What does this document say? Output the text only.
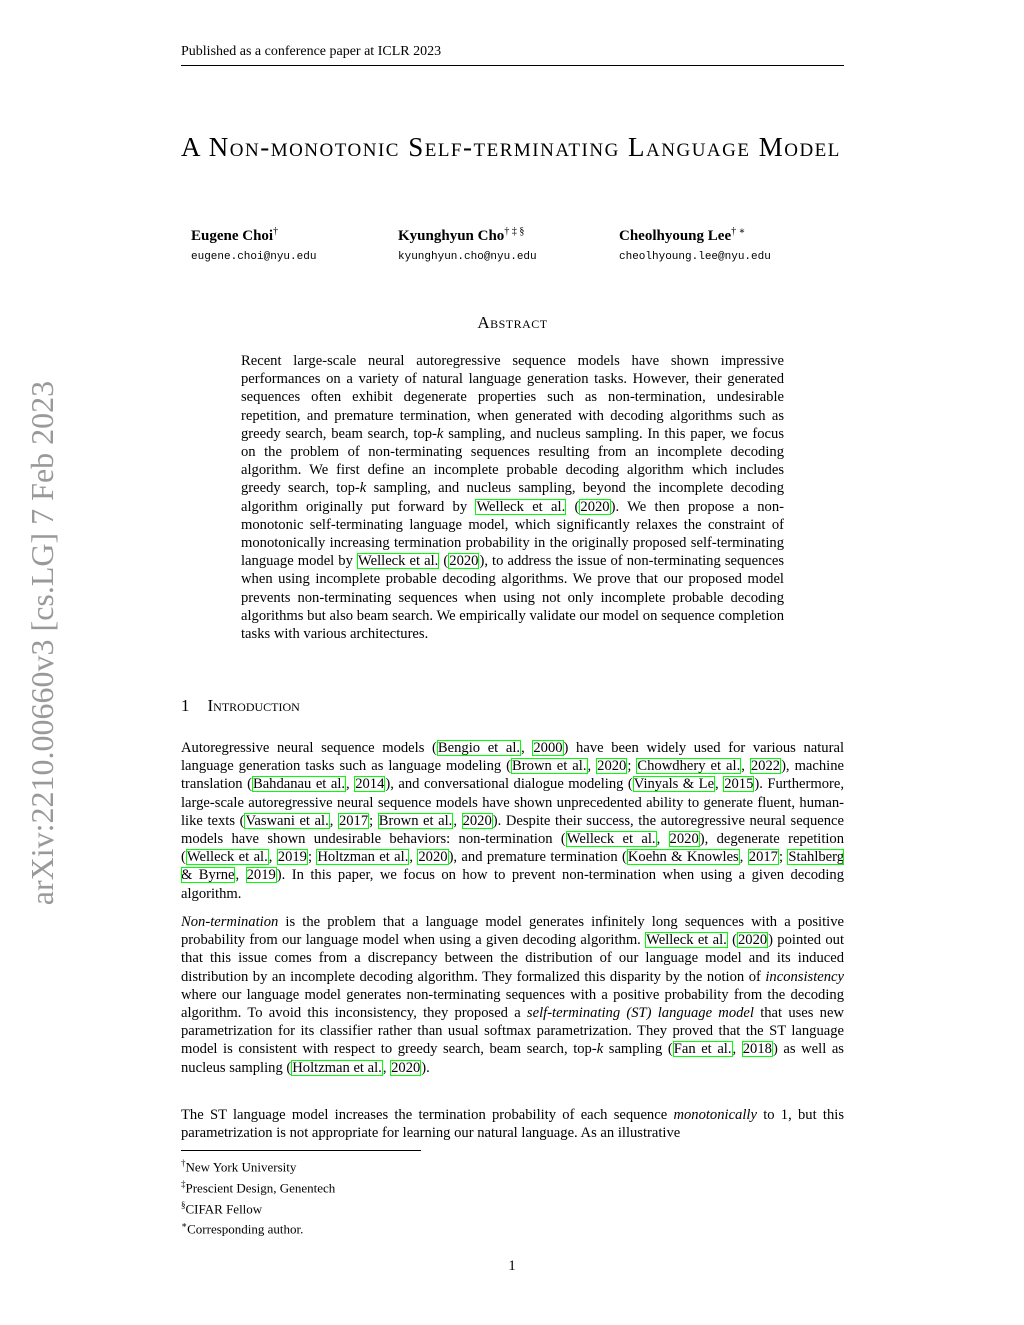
Published as a conference paper at ICLR 2023
arXiv:2210.00660v3 [cs.LG] 7 Feb 2023
A Non-monotonic Self-terminating Language Model
Eugene Choi†
eugene.choi@nyu.edu
Kyunghyun Cho† ‡ §
kyunghyun.cho@nyu.edu
Cheolhyoung Lee† ∗
cheolhyoung.lee@nyu.edu
Abstract
Recent large-scale neural autoregressive sequence models have shown impressive performances on a variety of natural language generation tasks. However, their generated sequences often exhibit degenerate properties such as non-termination, undesirable repetition, and premature termination, when generated with decoding algorithms such as greedy search, beam search, top-k sampling, and nucleus sampling. In this paper, we focus on the problem of non-terminating sequences resulting from an incomplete decoding algorithm. We first define an incomplete probable decoding algorithm which includes greedy search, top-k sampling, and nucleus sampling, beyond the incomplete decoding algorithm originally put forward by Welleck et al. (2020). We then propose a non-monotonic self-terminating language model, which significantly relaxes the constraint of monotonically increasing termination probability in the originally proposed self-terminating language model by Welleck et al. (2020), to address the issue of non-terminating sequences when using incomplete probable decoding algorithms. We prove that our proposed model prevents non-terminating sequences when using not only incomplete probable decoding algorithms but also beam search. We empirically validate our model on sequence completion tasks with various architectures.
1 Introduction
Autoregressive neural sequence models (Bengio et al., 2000) have been widely used for various natural language generation tasks such as language modeling (Brown et al., 2020; Chowdhery et al., 2022), machine translation (Bahdanau et al., 2014), and conversational dialogue modeling (Vinyals & Le, 2015). Furthermore, large-scale autoregressive neural sequence models have shown unprecedented ability to generate fluent, human-like texts (Vaswani et al., 2017; Brown et al., 2020). Despite their success, the autoregressive neural sequence models have shown undesirable behaviors: non-termination (Welleck et al., 2020), degenerate repetition (Welleck et al., 2019; Holtzman et al., 2020), and premature termination (Koehn & Knowles, 2017; Stahlberg & Byrne, 2019). In this paper, we focus on how to prevent non-termination when using a given decoding algorithm.
Non-termination is the problem that a language model generates infinitely long sequences with a positive probability from our language model when using a given decoding algorithm. Welleck et al. (2020) pointed out that this issue comes from a discrepancy between the distribution of our language model and its induced distribution by an incomplete decoding algorithm. They formalized this disparity by the notion of inconsistency where our language model generates non-terminating sequences with a positive probability from the decoding algorithm. To avoid this inconsistency, they proposed a self-terminating (ST) language model that uses new parametrization for its classifier rather than usual softmax parametrization. They proved that the ST language model is consistent with respect to greedy search, beam search, top-k sampling (Fan et al., 2018) as well as nucleus sampling (Holtzman et al., 2020).
The ST language model increases the termination probability of each sequence monotonically to 1, but this parametrization is not appropriate for learning our natural language. As an illustrative
†New York University
‡Prescient Design, Genentech
§CIFAR Fellow
∗Corresponding author.
1
